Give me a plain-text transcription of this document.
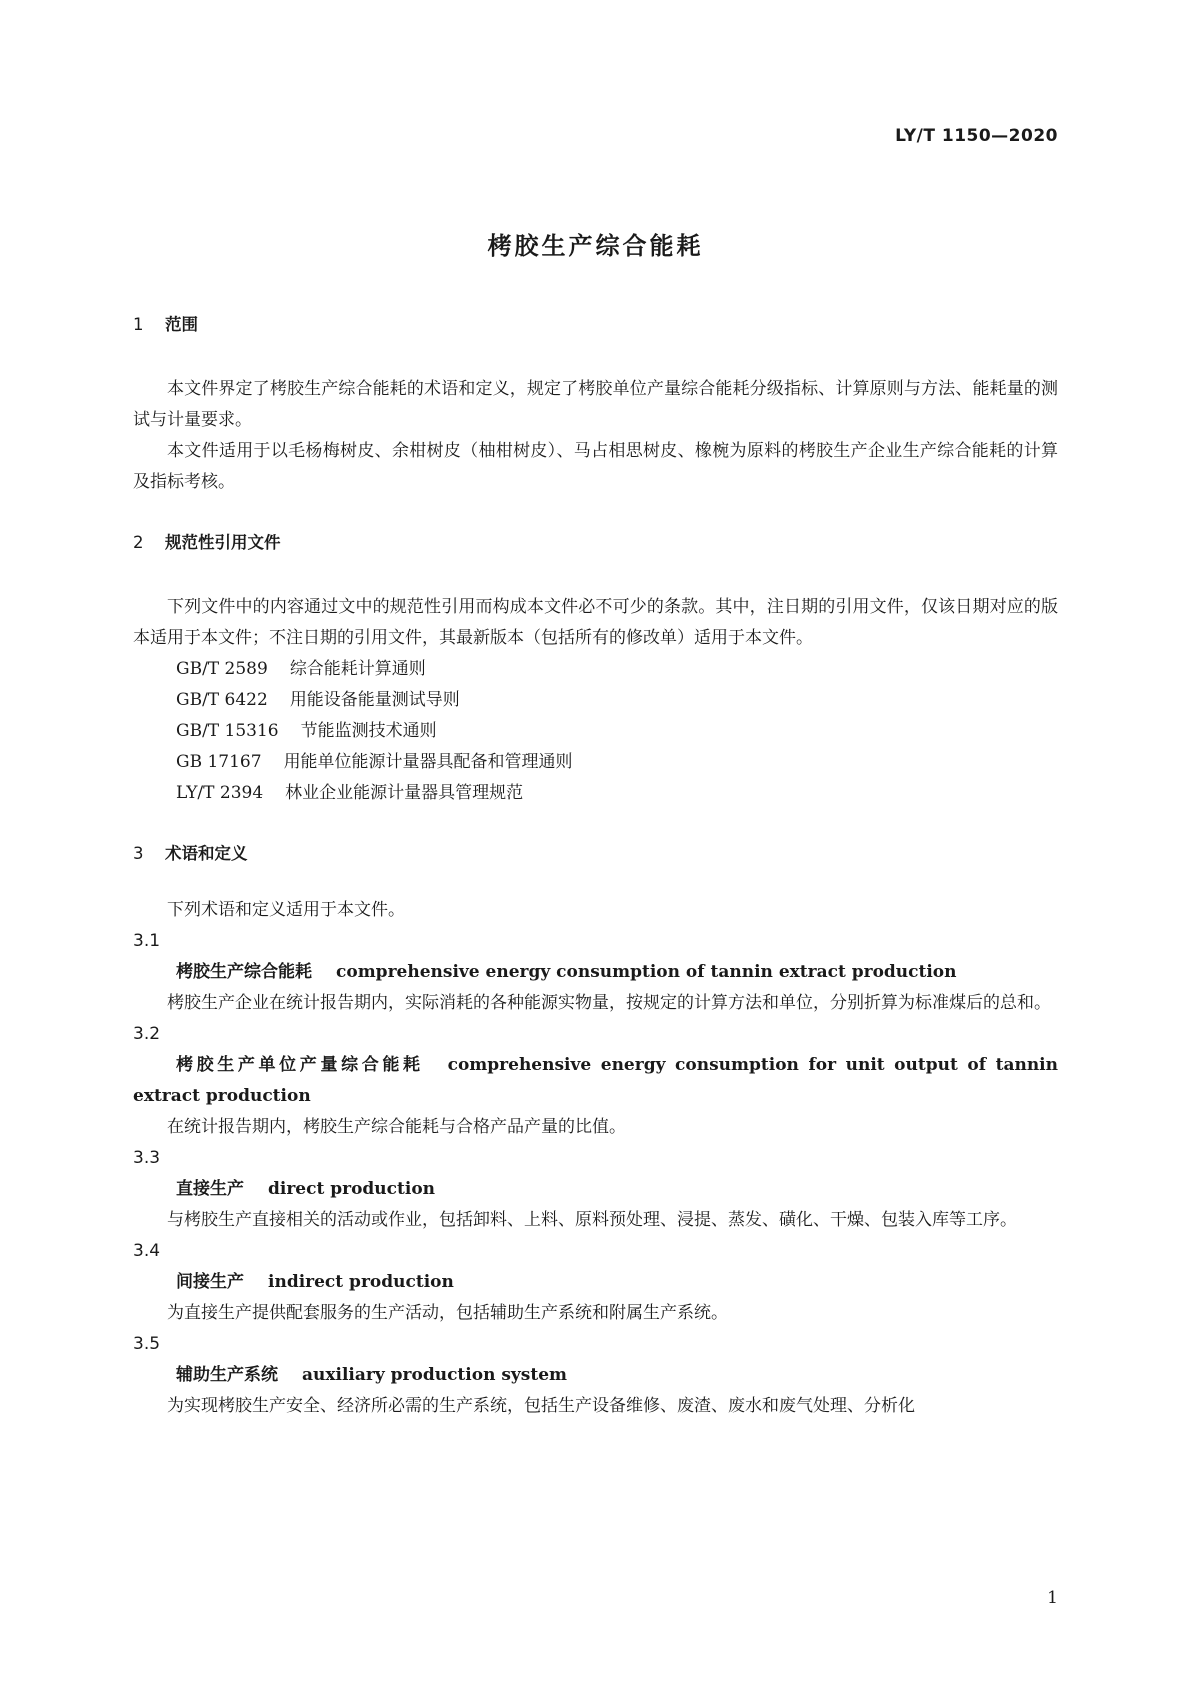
LY/T 1150—2020
栲胶生产综合能耗
1 范围
本文件界定了栲胶生产综合能耗的术语和定义，规定了栲胶单位产量综合能耗分级指标、计算原则与方法、能耗量的测试与计量要求。
本文件适用于以毛杨梅树皮、余柑树皮（柚柑树皮）、马占相思树皮、橡椀为原料的栲胶生产企业生产综合能耗的计算及指标考核。
2 规范性引用文件
下列文件中的内容通过文中的规范性引用而构成本文件必不可少的条款。其中，注日期的引用文件，仅该日期对应的版本适用于本文件；不注日期的引用文件，其最新版本（包括所有的修改单）适用于本文件。
GB/T 2589 综合能耗计算通则
GB/T 6422 用能设备能量测试导则
GB/T 15316 节能监测技术通则
GB 17167 用能单位能源计量器具配备和管理通则
LY/T 2394 林业企业能源计量器具管理规范
3 术语和定义
下列术语和定义适用于本文件。
3.1
栲胶生产综合能耗 comprehensive energy consumption of tannin extract production
栲胶生产企业在统计报告期内，实际消耗的各种能源实物量，按规定的计算方法和单位，分别折算为标准煤后的总和。
3.2
栲胶生产单位产量综合能耗 comprehensive energy consumption for unit output of tannin extract production
在统计报告期内，栲胶生产综合能耗与合格产品产量的比值。
3.3
直接生产 direct production
与栲胶生产直接相关的活动或作业，包括卸料、上料、原料预处理、浸提、蒸发、磺化、干燥、包装入库等工序。
3.4
间接生产 indirect production
为直接生产提供配套服务的生产活动，包括辅助生产系统和附属生产系统。
3.5
辅助生产系统 auxiliary production system
为实现栲胶生产安全、经济所必需的生产系统，包括生产设备维修、废渣、废水和废气处理、分析化
1
